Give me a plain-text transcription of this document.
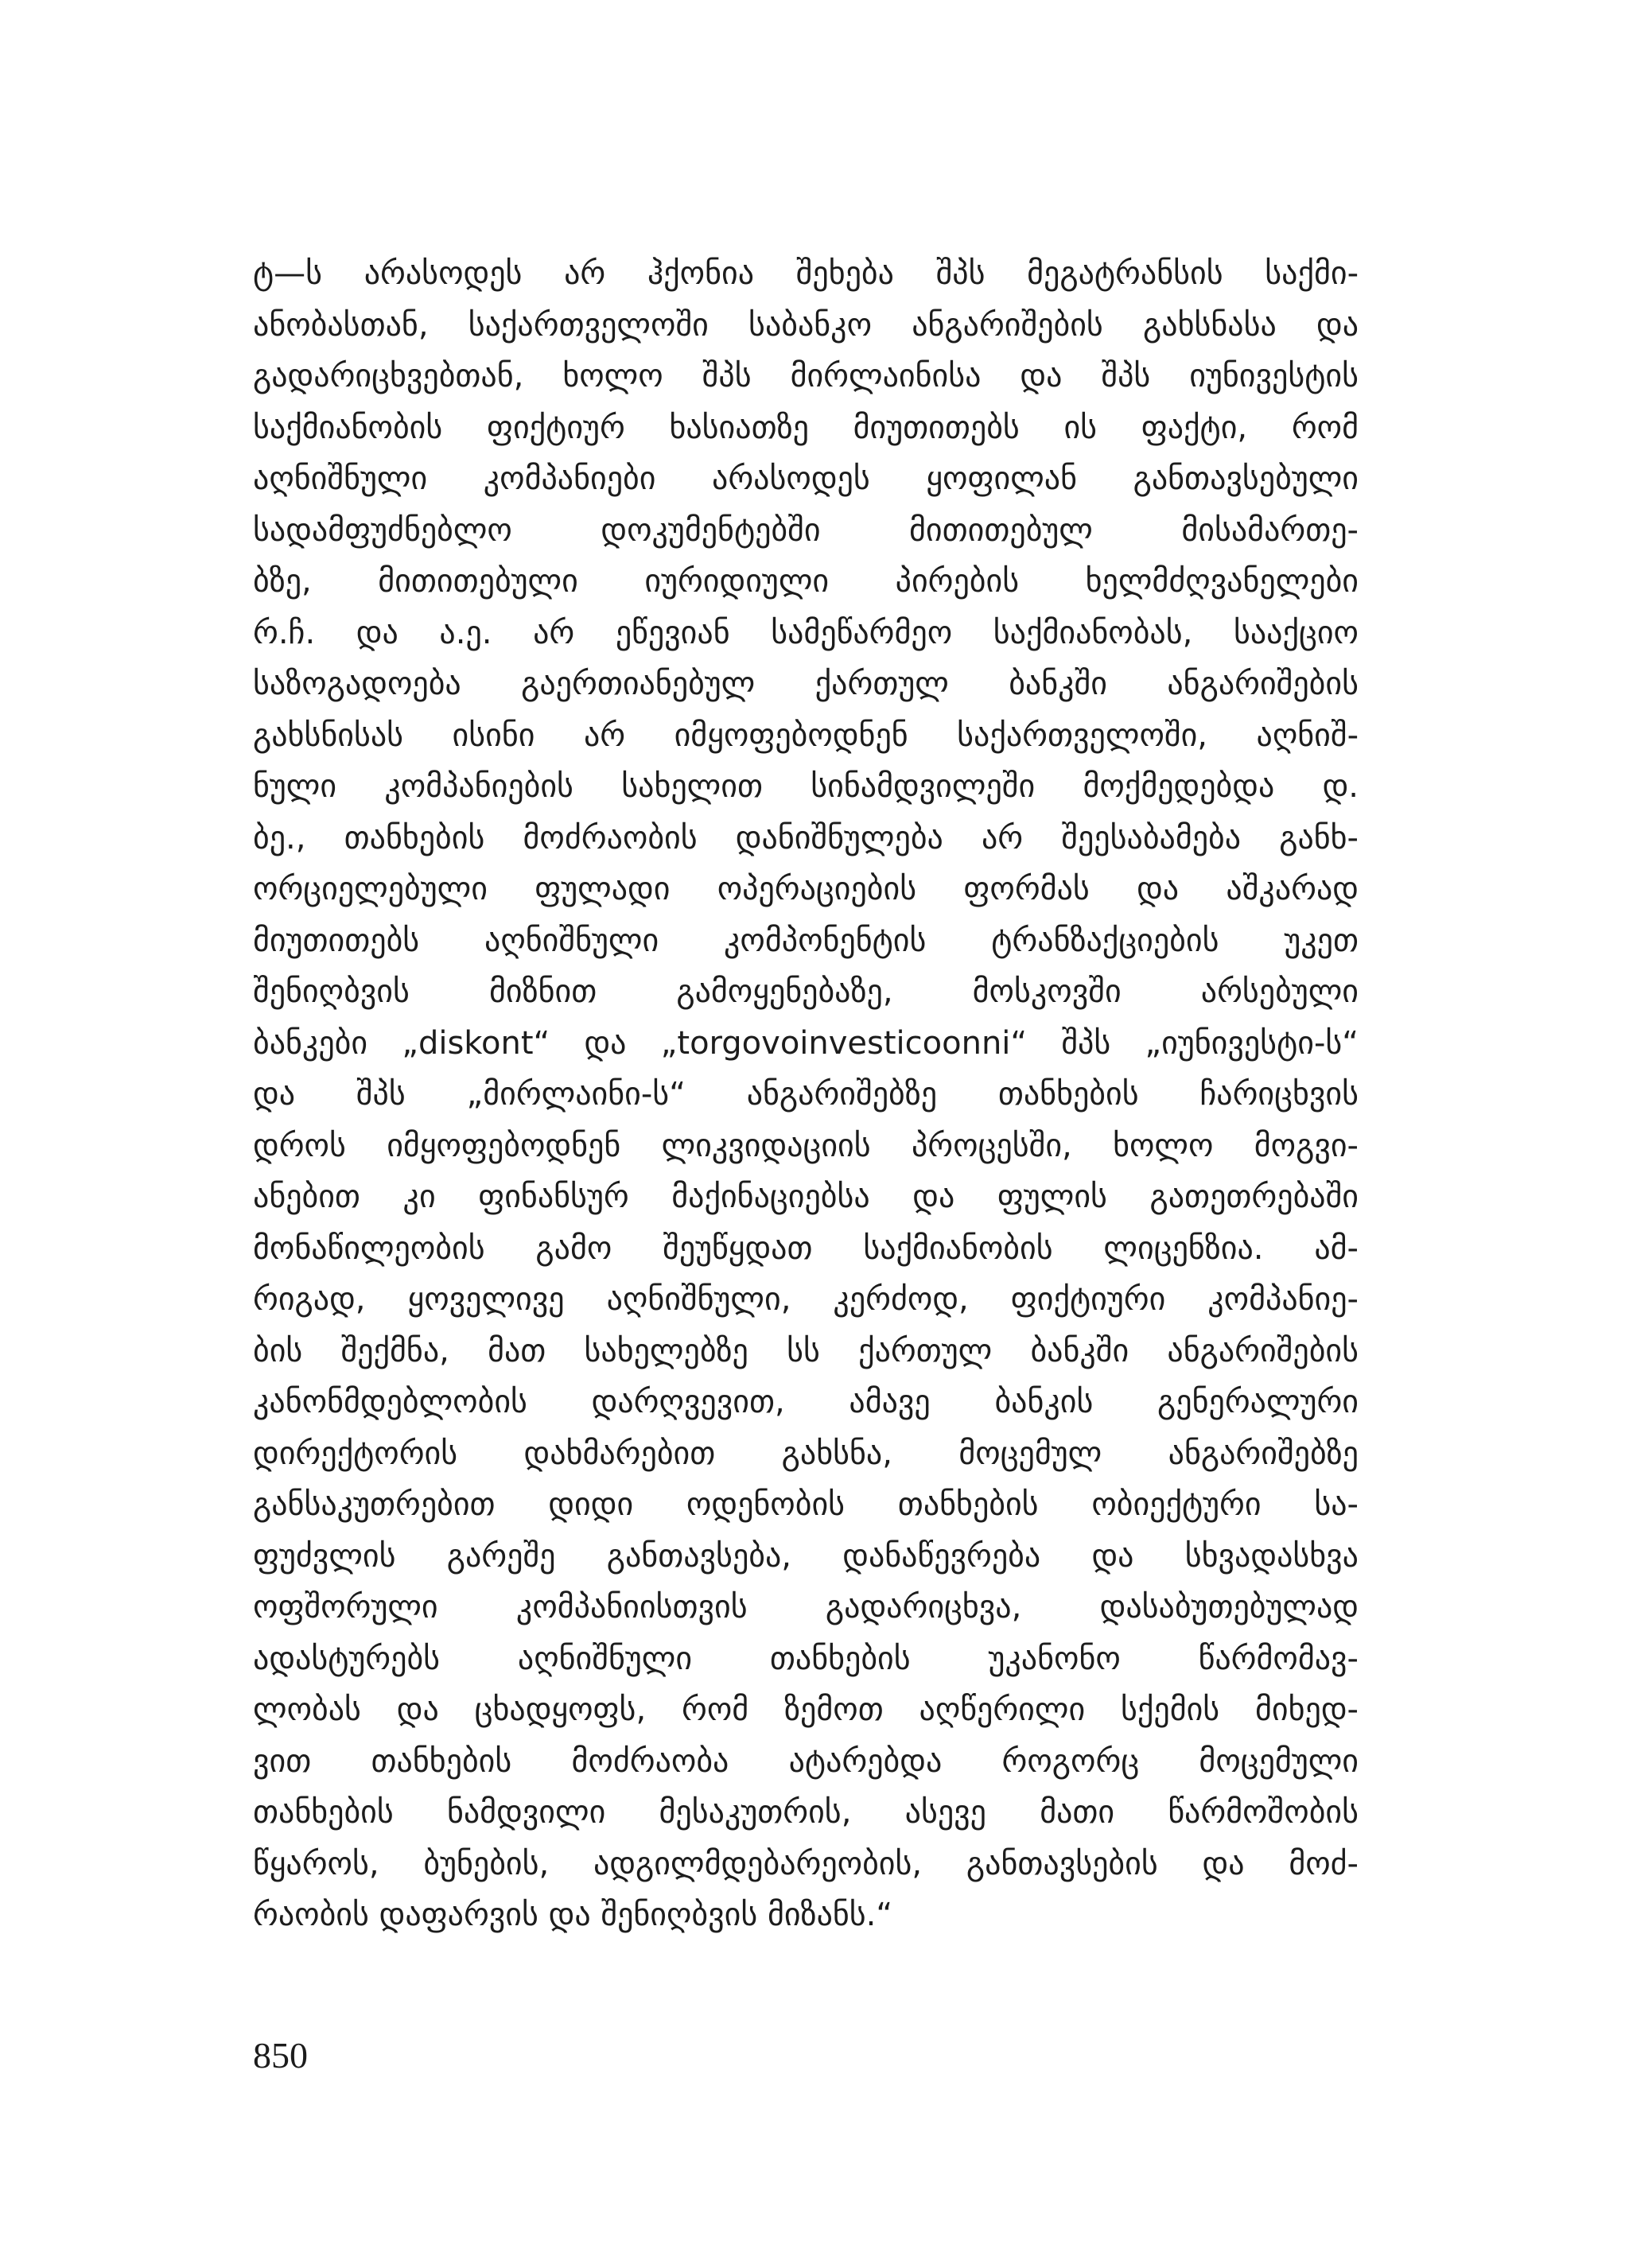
ტ—ს არასოდეს არ ჰქონია შეხება შპს მეგატრანსის საქმი-
ანობასთან, საქართველოში საბანკო ანგარიშების გახსნასა და
გადარიცხვებთან, ხოლო შპს მირლაინისა და შპს იუნივესტის
საქმიანობის ფიქტიურ ხასიათზე მიუთითებს ის ფაქტი, რომ
აღნიშნული კომპანიები არასოდეს ყოფილან განთავსებული
სადამფუძნებლო დოკუმენტებში მითითებულ მისამართე-
ბზე, მითითებული იურიდიული პირების ხელმძღვანელები
რ.ჩ. და ა.ე. არ ეწევიან სამეწარმეო საქმიანობას, სააქციო
საზოგადოება გაერთიანებულ ქართულ ბანკში ანგარიშების
გახსნისას ისინი არ იმყოფებოდნენ საქართველოში, აღნიშ-
ნული კომპანიების სახელით სინამდვილეში მოქმედებდა დ.
ბე., თანხების მოძრაობის დანიშნულება არ შეესაბამება განხ-
ორციელებული ფულადი ოპერაციების ფორმას და აშკარად
მიუთითებს აღნიშნული კომპონენტის ტრანზაქციების უკეთ
შენიღბვის მიზნით გამოყენებაზე, მოსკოვში არსებული
ბანკები „diskont“ და „torgovoinvesticoonni“ შპს „იუნივესტი-ს“
და შპს „მირლაინი-ს“ ანგარიშებზე თანხების ჩარიცხვის
დროს იმყოფებოდნენ ლიკვიდაციის პროცესში, ხოლო მოგვი-
ანებით კი ფინანსურ მაქინაციებსა და ფულის გათეთრებაში
მონაწილეობის გამო შეუწყდათ საქმიანობის ლიცენზია. ამ-
რიგად, ყოველივე აღნიშნული, კერძოდ, ფიქტიური კომპანიე-
ბის შექმნა, მათ სახელებზე სს ქართულ ბანკში ანგარიშების
კანონმდებლობის დარღვევით, ამავე ბანკის გენერალური
დირექტორის დახმარებით გახსნა, მოცემულ ანგარიშებზე
განსაკუთრებით დიდი ოდენობის თანხების ობიექტური სა-
ფუძვლის გარეშე განთავსება, დანაწევრება და სხვადასხვა
ოფშორული კომპანიისთვის გადარიცხვა, დასაბუთებულად
ადასტურებს აღნიშნული თანხების უკანონო წარმომავ-
ლობას და ცხადყოფს, რომ ზემოთ აღწერილი სქემის მიხედ-
ვით თანხების მოძრაობა ატარებდა როგორც მოცემული
თანხების ნამდვილი მესაკუთრის, ასევე მათი წარმოშობის
წყაროს, ბუნების, ადგილმდებარეობის, განთავსების და მოძ-
რაობის დაფარვის და შენიღბვის მიზანს.“
850
